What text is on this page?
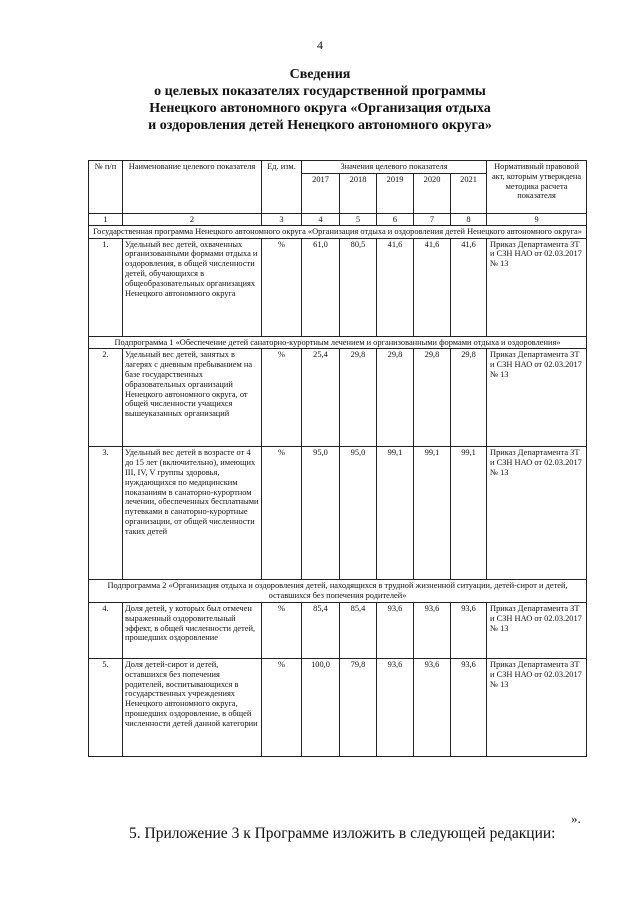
4
Сведения
о целевых показателях государственной программы
Ненецкого автономного округа «Организация отдыха
и оздоровления детей Ненецкого автономного округа»
№ п/п	Наименование целевого показателя	Ед. изм.	Значения целевого показателя					Нормативный правовой акт, которым утверждена методика расчета показателя
			2017	2018	2019	2020	2021	
1	2	3	4	5	6	7	8	9
Государственная программа Ненецкого автономного округа «Организация отдыха и оздоровления детей Ненецкого автономного округа»								
1.	Удельный вес детей, охваченных организованными формами отдыха и оздоровления, в общей численности детей, обучающихся в общеобразовательных организациях Ненецкого автономного округа	%	61,0	80,5	41,6	41,6	41,6	Приказ Департамента ЗТ и СЗН НАО от 02.03.2017 № 13
Подпрограмма 1 «Обеспечение детей санаторно-курортным лечением и организованными формами отдыха и оздоровления»								
2.	Удельный вес детей, занятых в лагерях с дневным пребыванием на базе государственных образовательных организаций Ненецкого автономного округа, от общей численности учащихся вышеуказанных организаций	%	25,4	29,8	29,8	29,8	29,8	Приказ Департамента ЗТ и СЗН НАО от 02.03.2017 № 13
3.	Удельный вес детей в возрасте от 4 до 15 лет (включительно), имеющих III, IV, V группы здоровья, нуждающихся по медицинским показаниям в санаторно-курортном лечении, обеспеченных бесплатными путевками в санаторно-курортные организации, от общей численности таких детей	%	95,0	95,0	99,1	99,1	99,1	Приказ Департамента ЗТ и СЗН НАО от 02.03.2017 № 13
Подпрограмма 2 «Организация отдыха и оздоровления детей, находящихся в трудной жизненной ситуации, детей-сирот и детей, оставшихся без попечения родителей»								
4.	Доля детей, у которых был отмечен выраженный оздоровительный эффект, в общей численности детей, прошедших оздоровление	%	85,4	85,4	93,6	93,6	93,6	Приказ Департамента ЗТ и СЗН НАО от 02.03.2017 № 13
5.	Доля детей-сирот и детей, оставшихся без попечения родителей, воспитывающихся в государственных учреждениях Ненецкого автономного округа, прошедших оздоровление, в общей численности детей данной категории	%	100,0	79,8	93,6	93,6	93,6	Приказ Департамента ЗТ и СЗН НАО от 02.03.2017 № 13
».
5. Приложение 3 к Программе изложить в следующей редакции:
